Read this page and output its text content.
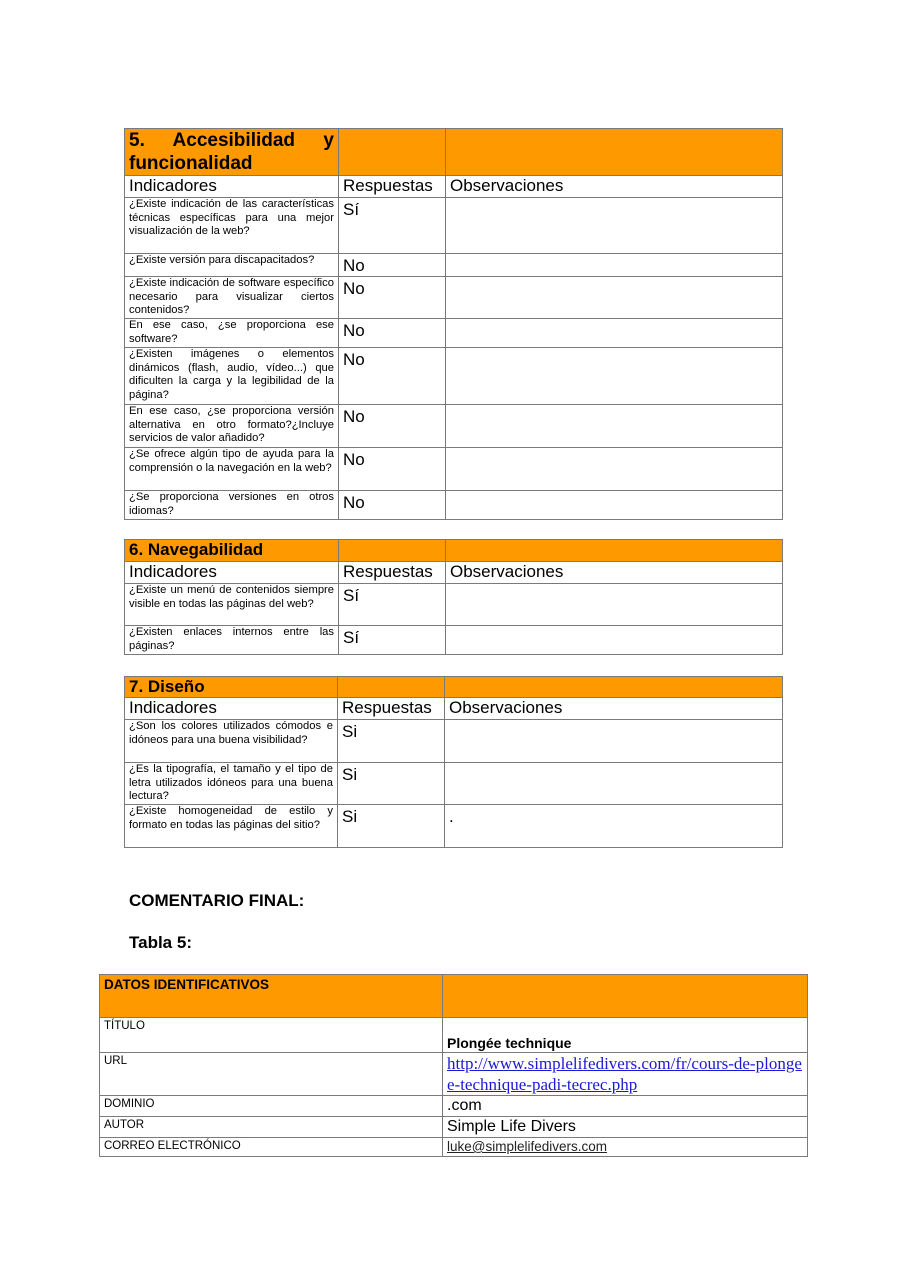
5. Accesibilidad y funcionalidad		
Indicadores	Respuestas	Observaciones
¿Existe indicación de las características técnicas específicas para una mejor visualización de la web?	Sí	
¿Existe versión para discapacitados?	No	
¿Existe indicación de software específico necesario para visualizar ciertos contenidos?	No	
En ese caso, ¿se proporciona ese software?	No	
¿Existen imágenes o elementos dinámicos (flash, audio, vídeo...) que dificulten la carga y la legibilidad de la página?	No	
En ese caso, ¿se proporciona versión alternativa en otro formato?¿Incluye servicios de valor añadido?	No	
¿Se ofrece algún tipo de ayuda para la comprensión o la navegación en la web?	No	
¿Se proporciona versiones en otros idiomas?	No	
6. Navegabilidad		
Indicadores	Respuestas	Observaciones
¿Existe un menú de contenidos siempre visible en todas las páginas del web?	Sí	
¿Existen enlaces internos entre las páginas?	Sí	
7. Diseño		
Indicadores	Respuestas	Observaciones
¿Son los colores utilizados cómodos e idóneos para una buena visibilidad?	Si	
¿Es la tipografía, el tamaño y el tipo de letra utilizados idóneos para una buena lectura?	Si	
¿Existe homogeneidad de estilo y formato en todas las páginas del sitio?	Si	.
COMENTARIO FINAL:
Tabla 5:
DATOS IDENTIFICATIVOS	
TÍTULO	Plongée technique
URL	http://www.simplelifedivers.com/fr/cours-de-plongee-technique-padi-tecrec.php
DOMINIO	.com
AUTOR	Simple Life Divers
CORREO ELECTRÓNICO	luke@simplelifedivers.com
